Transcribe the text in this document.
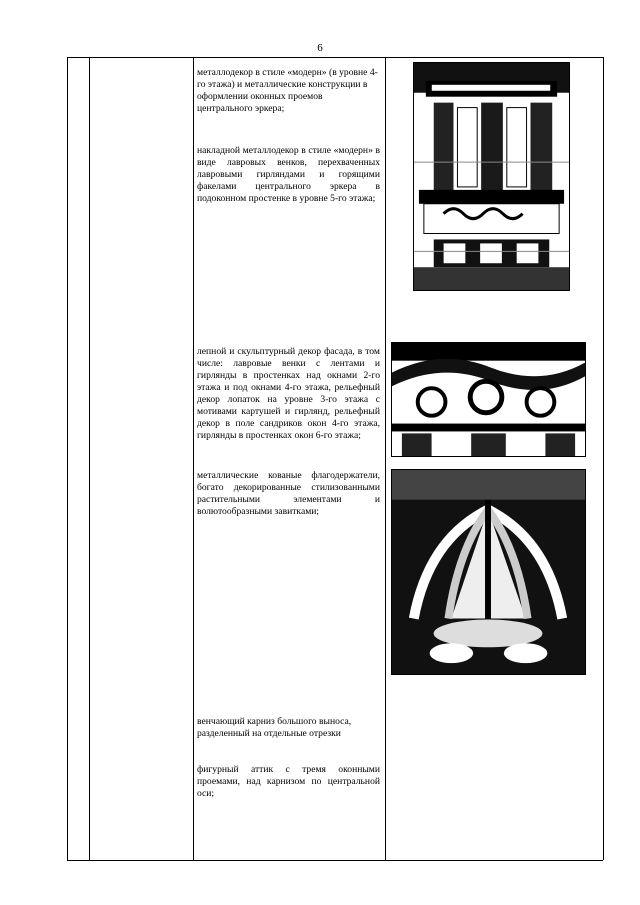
6
металлодекор в стиле «модерн» (в уровне 4-го этажа) и металлические конструкции в оформлении оконных проемов центрального эркера;
накладной металлодекор в стиле «модерн» в виде лавровых венков, перехваченных лавровыми гирляндами и горящими факелами центрального эркера в подоконном простенке в уровне 5-го этажа;
лепной и скульптурный декор фасада, в том числе: лавровые венки с лентами и гирлянды в простенках над окнами 2-го этажа и под окнами 4-го этажа, рельефный декор лопаток на уровне 3-го этажа с мотивами картушей и гирлянд, рельефный декор в поле сандриков окон 4-го этажа, гирлянды в простенках окон 6-го этажа;
металлические кованые флагодержатели, богато декорированные стилизованными растительными элементами и волютообразными завитками;
венчающий карниз большого выноса, разделенный на отдельные отрезки
фигурный аттик с тремя оконными проемами, над карнизом по центральной оси;
